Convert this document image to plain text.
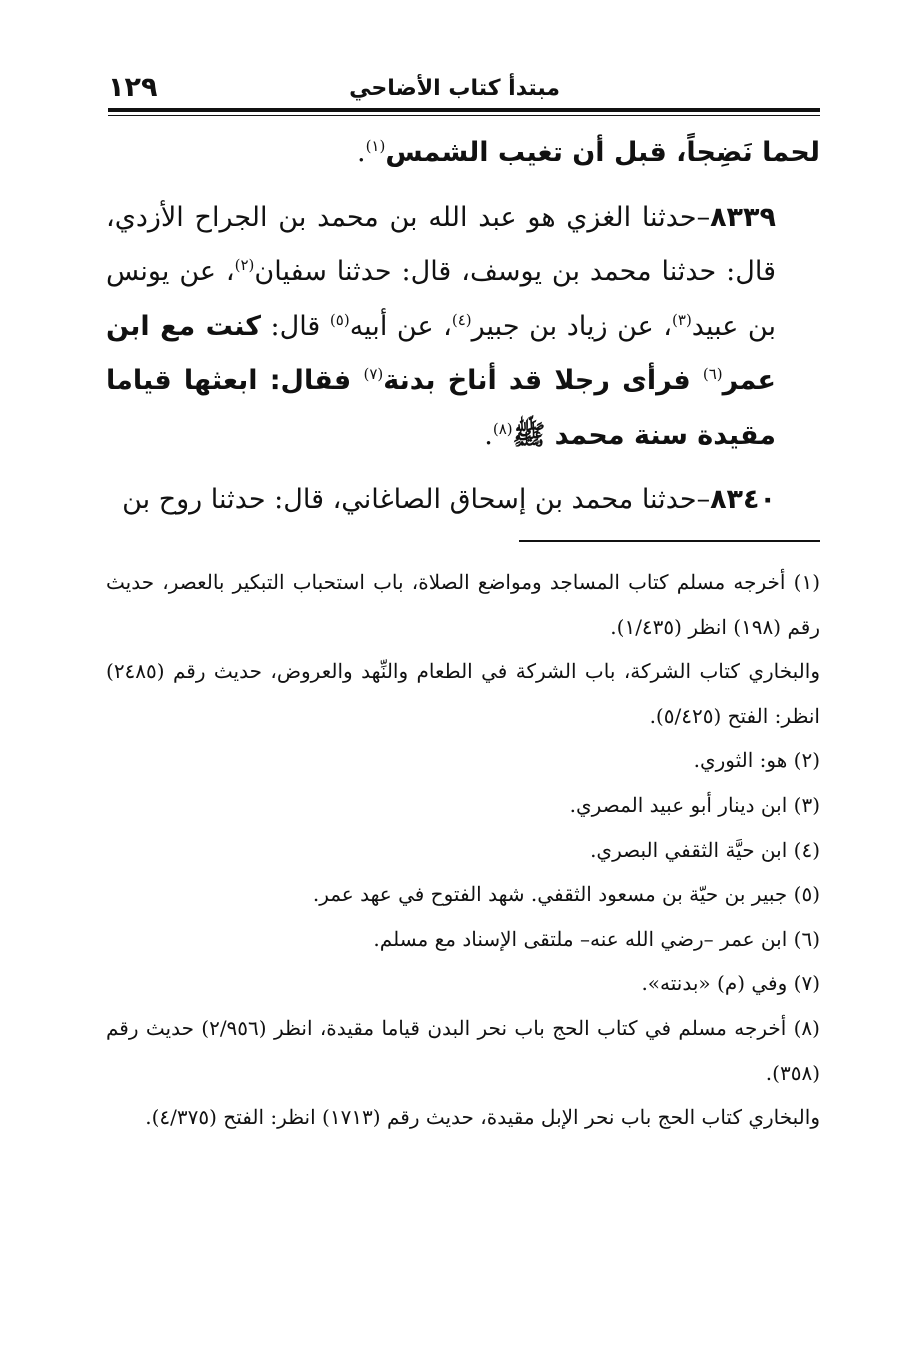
مبتدأ كتاب الأضاحي
١٢٩

لحما نَضِجاً، قبل أن تغيب الشمس$^{(١)}$.

٨٣٣٩–حدثنا الغزي هو عبد الله بن محمد بن الجراح الأزدي، قال: حدثنا محمد بن يوسف، قال: حدثنا سفيان$^{(٢)}$، عن يونس بن عبيد$^{(٣)}$، عن زياد بن جبير$^{(٤)}$، عن أبيه$^{(٥)}$ قال: كنت مع ابن عمر$^{(٦)}$ فرأى رجلا قد أناخ بدنة$^{(٧)}$ فقال: ابعثها قياما مقيدة سنة محمد ﷺ$^{(٨)}$.

٨٣٤٠–حدثنا محمد بن إسحاق الصاغاني، قال: حدثنا روح بن

(١) أخرجه مسلم كتاب المساجد ومواضع الصلاة، باب استحباب التبكير بالعصر، حديث رقم (١٩٨) انظر (١/٤٣٥).

والبخاري كتاب الشركة، باب الشركة في الطعام والنِّهد والعروض، حديث رقم (٢٤٨٥) انظر: الفتح (٥/٤٢٥).

(٢) هو: الثوري.

(٣) ابن دينار أبو عبيد المصري.

(٤) ابن حيَّة الثقفي البصري.

(٥) جبير بن حيّة بن مسعود الثقفي. شهد الفتوح في عهد عمر.

(٦) ابن عمر –رضي الله عنه– ملتقى الإسناد مع مسلم.

(٧) وفي (م) «بدنته».

(٨) أخرجه مسلم في كتاب الحج باب نحر البدن قياما مقيدة، انظر (٢/٩٥٦) حديث رقم (٣٥٨).

والبخاري كتاب الحج باب نحر الإبل مقيدة، حديث رقم (١٧١٣) انظر: الفتح (٤/٣٧٥).
